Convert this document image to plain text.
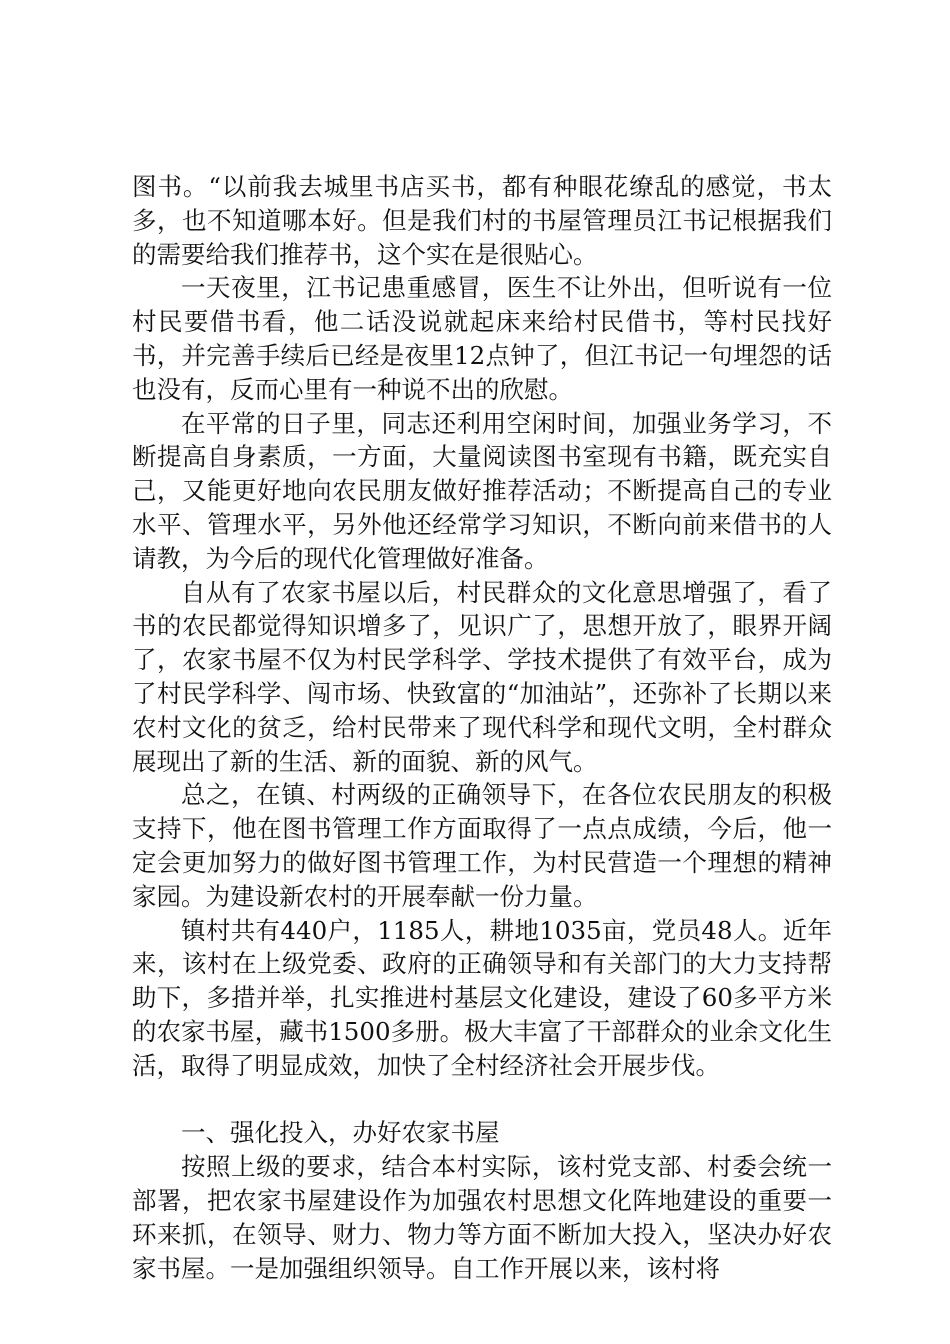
图书。“以前我去城里书店买书，都有种眼花缭乱的感觉，书太多，也不知道哪本好。但是我们村的书屋管理员江书记根据我们的需要给我们推荐书，这个实在是很贴心。

一天夜里，江书记患重感冒，医生不让外出，但听说有一位村民要借书看，他二话没说就起床来给村民借书，等村民找好书，并完善手续后已经是夜里12点钟了，但江书记一句埋怨的话也没有，反而心里有一种说不出的欣慰。

在平常的日子里，同志还利用空闲时间，加强业务学习，不断提高自身素质，一方面，大量阅读图书室现有书籍，既充实自己，又能更好地向农民朋友做好推荐活动；不断提高自己的专业水平、管理水平，另外他还经常学习知识，不断向前来借书的人请教，为今后的现代化管理做好准备。

自从有了农家书屋以后，村民群众的文化意思增强了，看了书的农民都觉得知识增多了，见识广了，思想开放了，眼界开阔了，农家书屋不仅为村民学科学、学技术提供了有效平台，成为了村民学科学、闯市场、快致富的“加油站”，还弥补了长期以来农村文化的贫乏，给村民带来了现代科学和现代文明，全村群众展现出了新的生活、新的面貌、新的风气。

总之，在镇、村两级的正确领导下，在各位农民朋友的积极支持下，他在图书管理工作方面取得了一点点成绩，今后，他一定会更加努力的做好图书管理工作，为村民营造一个理想的精神家园。为建设新农村的开展奉献一份力量。

镇村共有440户，1185人，耕地1035亩，党员48人。近年来，该村在上级党委、政府的正确领导和有关部门的大力支持帮助下，多措并举，扎实推进村基层文化建设，建设了60多平方米的农家书屋，藏书1500多册。极大丰富了干部群众的业余文化生活，取得了明显成效，加快了全村经济社会开展步伐。

一、强化投入，办好农家书屋

按照上级的要求，结合本村实际，该村党支部、村委会统一部署，把农家书屋建设作为加强农村思想文化阵地建设的重要一环来抓，在领导、财力、物力等方面不断加大投入，坚决办好农家书屋。一是加强组织领导。自工作开展以来，该村将
